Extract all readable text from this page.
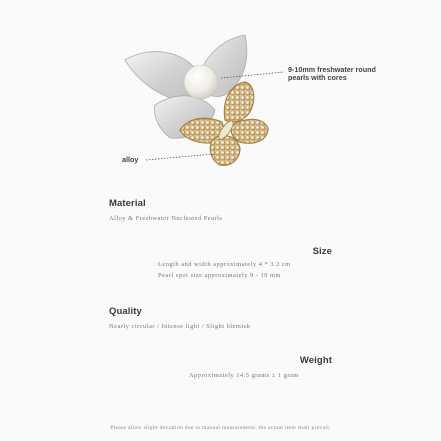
9-10mm freshwater round
pearls with cores
alloy
Material
Alloy & Freshwater Nucleated Pearls
Size
Length and width approximately 4 * 3.2 cm
Pearl spot size approximately 9 - 10 mm
Quality
Nearly circular / Intense light / Slight blemish
Weight
Approximately 14.5 grams ± 1 gram
Please allow slight deviation due to manual measurement. the actual item shall prevail.
